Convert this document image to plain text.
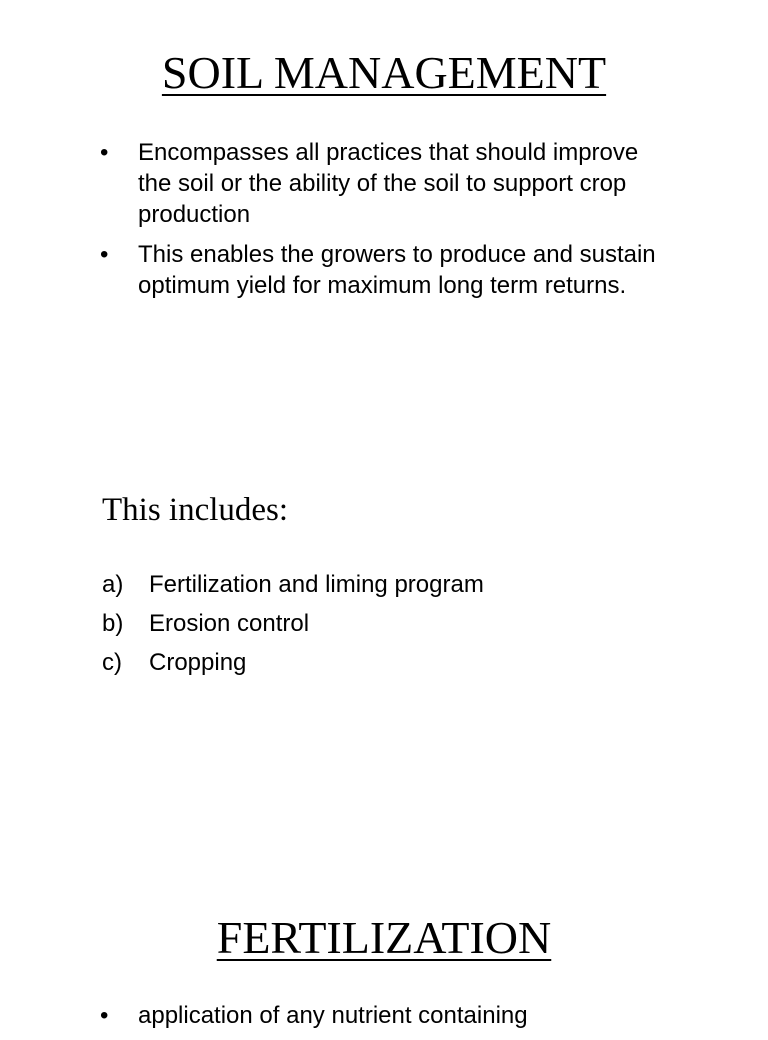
SOIL MANAGEMENT
•	Encompasses all practices that should improve the soil or the ability of the soil to support crop production
•	This enables the growers to produce and sustain optimum yield for maximum long term returns.
This includes:
a) Fertilization and liming program
b) Erosion control
c) Cropping
FERTILIZATION
•	application of any nutrient containing
